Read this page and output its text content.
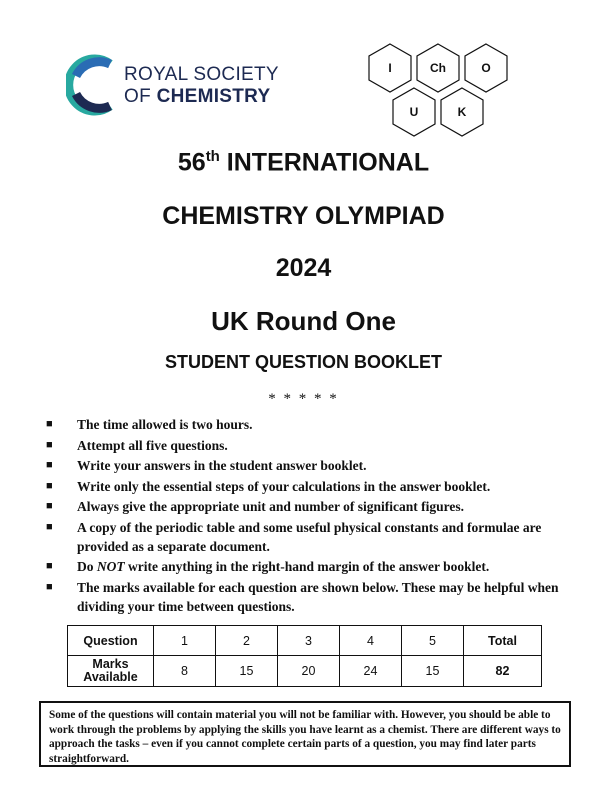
ROYAL SOCIETY
OF CHEMISTRY
I	Ch	O
U	K
56th INTERNATIONAL
CHEMISTRY OLYMPIAD
2024
UK Round One
STUDENT QUESTION BOOKLET
* * * * *
■ The time allowed is two hours.
■ Attempt all five questions.
■ Write your answers in the student answer booklet.
■ Write only the essential steps of your calculations in the answer booklet.
■ Always give the appropriate unit and number of significant figures.
■ A copy of the periodic table and some useful physical constants and formulae are provided as a separate document.
■ Do NOT write anything in the right-hand margin of the answer booklet.
■ The marks available for each question are shown below. These may be helpful when dividing your time between questions.
Question	1	2	3	4	5	Total
Marks
Available	8	15	20	24	15	82
Some of the questions will contain material you will not be familiar with. However, you should be able to work through the problems by applying the skills you have learnt as a chemist. There are different ways to approach the tasks – even if you cannot complete certain parts of a question, you may find later parts straightforward.
